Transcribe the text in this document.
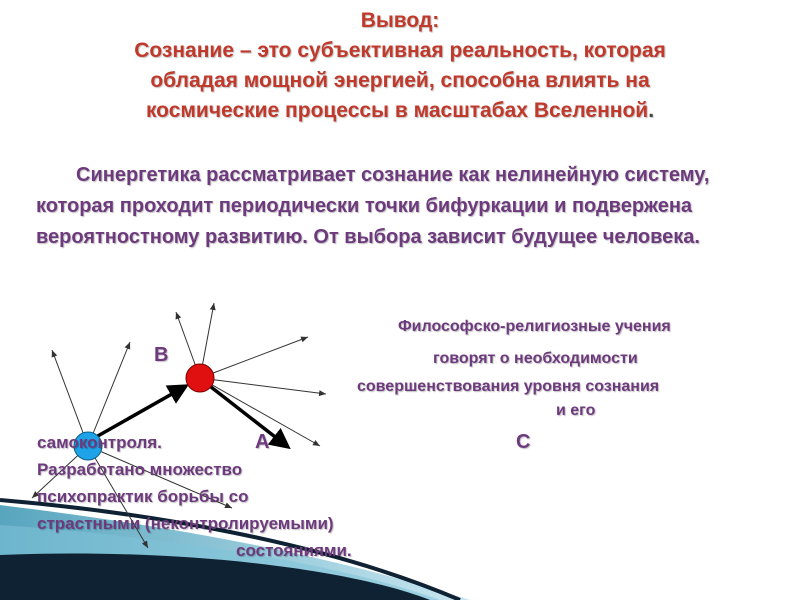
Вывод:
Сознание – это субъективная реальность, которая
обладая мощной энергией, способна влиять на
космические процессы в масштабах Вселенной.
Синергетика рассматривает сознание как нелинейную систему, которая проходит периодически точки бифуркации и подвержена вероятностному развитию. От выбора зависит будущее человека.
В
А	С
Философско-религиозные учения
говорят о необходимости
совершенствования уровня сознания
и его
самоконтроля.
Разработано множество
психопрактик борьбы со
страстными (неконтролируемыми)
состояниями.
